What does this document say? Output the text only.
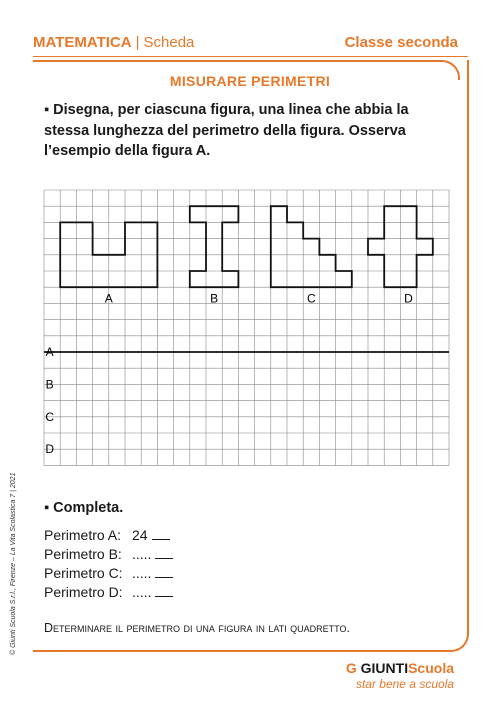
MATEMATICA | Scheda	Classe seconda
MISURARE PERIMETRI
▪ Disegna, per ciascuna figura, una linea che abbia la stessa lunghezza del perimetro della figura. Osserva l’esempio della figura A.
A	B	C	D
A
B
C
D
▪ Completa.
Perimetro A: 24
Perimetro B: .....
Perimetro C: .....
Perimetro D: .....
Determinare il perimetro di una figura in lati quadretto.
© Giunti Scuola S.r.l., Firenze – La Vita Scolastica 7 | 2021
G GIUNTIScuola
star bene a scuola
